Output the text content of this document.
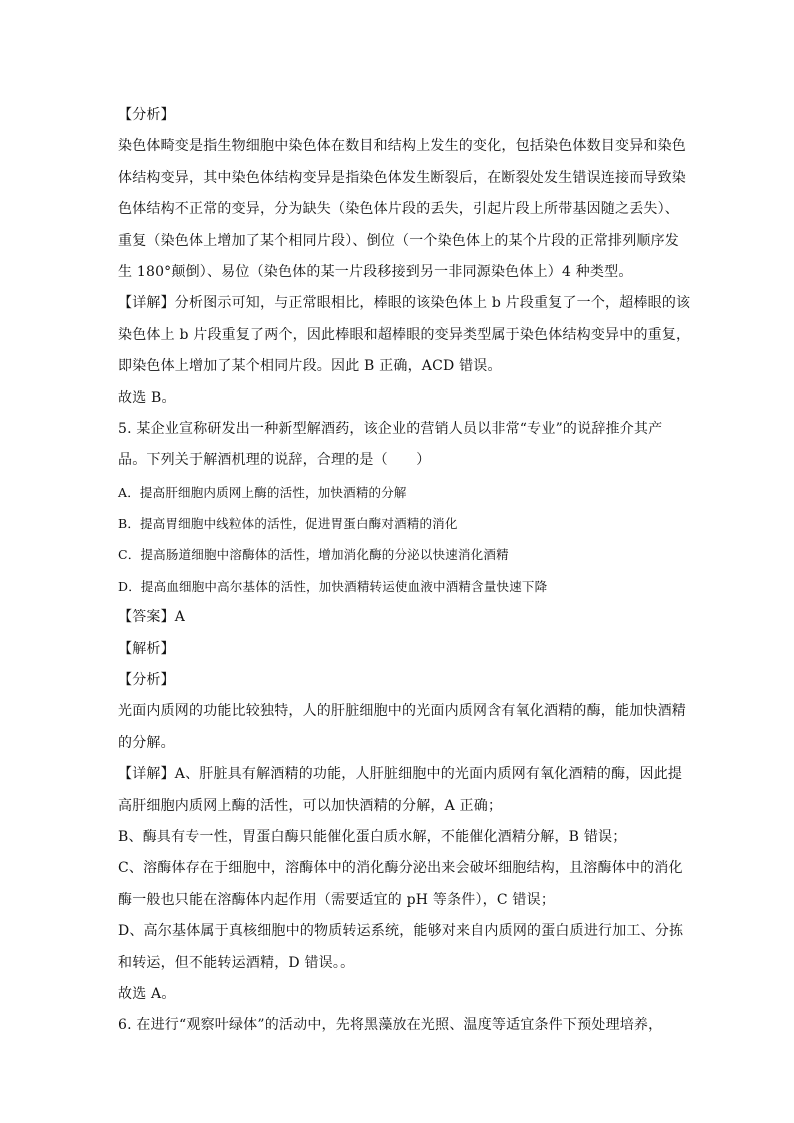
【分析】
染色体畸变是指生物细胞中染色体在数目和结构上发生的变化，包括染色体数目变异和染色
体结构变异，其中染色体结构变异是指染色体发生断裂后，在断裂处发生错误连接而导致染
色体结构不正常的变异，分为缺失（染色体片段的丢失，引起片段上所带基因随之丢失）、
重复（染色体上增加了某个相同片段）、倒位（一个染色体上的某个片段的正常排列顺序发
生 180°颠倒）、易位（染色体的某一片段移接到另一非同源染色体上）4 种类型。
【详解】分析图示可知，与正常眼相比，棒眼的该染色体上 b 片段重复了一个，超棒眼的该
染色体上 b 片段重复了两个，因此棒眼和超棒眼的变异类型属于染色体结构变异中的重复，
即染色体上增加了某个相同片段。因此 B 正确，ACD 错误。
故选 B。
5. 某企业宣称研发出一种新型解酒药，该企业的营销人员以非常“专业”的说辞推介其产
品。下列关于解酒机理的说辞，合理的是（　　）
A．提高肝细胞内质网上酶的活性，加快酒精的分解
B．提高胃细胞中线粒体的活性，促进胃蛋白酶对酒精的消化
C．提高肠道细胞中溶酶体的活性，增加消化酶的分泌以快速消化酒精
D．提高血细胞中高尔基体的活性，加快酒精转运使血液中酒精含量快速下降
【答案】A
【解析】
【分析】
光面内质网的功能比较独特，人的肝脏细胞中的光面内质网含有氧化酒精的酶，能加快酒精
的分解。
【详解】A、肝脏具有解酒精的功能，人肝脏细胞中的光面内质网有氧化酒精的酶，因此提
高肝细胞内质网上酶的活性，可以加快酒精的分解，A 正确；
B、酶具有专一性，胃蛋白酶只能催化蛋白质水解，不能催化酒精分解，B 错误；
C、溶酶体存在于细胞中，溶酶体中的消化酶分泌出来会破坏细胞结构，且溶酶体中的消化
酶一般也只能在溶酶体内起作用（需要适宜的 pH 等条件），C 错误；
D、高尔基体属于真核细胞中的物质转运系统，能够对来自内质网的蛋白质进行加工、分拣
和转运，但不能转运酒精，D 错误。。
故选 A。
6. 在进行“观察叶绿体”的活动中，先将黑藻放在光照、温度等适宜条件下预处理培养，
